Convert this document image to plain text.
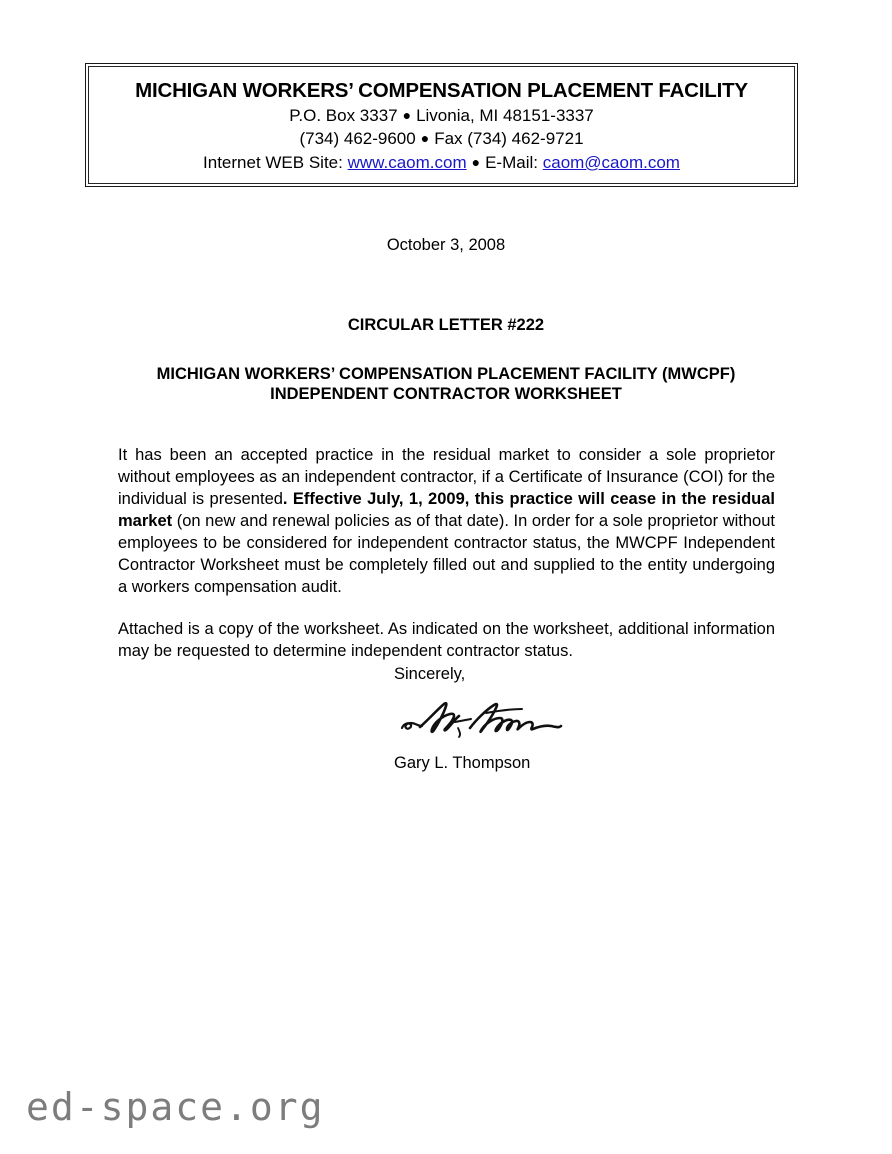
MICHIGAN WORKERS’ COMPENSATION PLACEMENT FACILITY
P.O. Box 3337 ● Livonia, MI 48151-3337
(734) 462-9600 ● Fax (734) 462-9721
Internet WEB Site: www.caom.com ● E-Mail: caom@caom.com
October 3, 2008
CIRCULAR LETTER #222
MICHIGAN WORKERS’ COMPENSATION PLACEMENT FACILITY (MWCPF)
INDEPENDENT CONTRACTOR WORKSHEET

It has been an accepted practice in the residual market to consider a sole proprietor without employees as an independent contractor, if a Certificate of Insurance (COI) for the individual is presented. Effective July, 1, 2009, this practice will cease in the residual market (on new and renewal policies as of that date). In order for a sole proprietor without employees to be considered for independent contractor status, the MWCPF Independent Contractor Worksheet must be completely filled out and supplied to the entity undergoing a workers compensation audit.

Attached is a copy of the worksheet. As indicated on the worksheet, additional information may be requested to determine independent contractor status.

Sincerely,

Gary L. Thompson

ed-space.org
